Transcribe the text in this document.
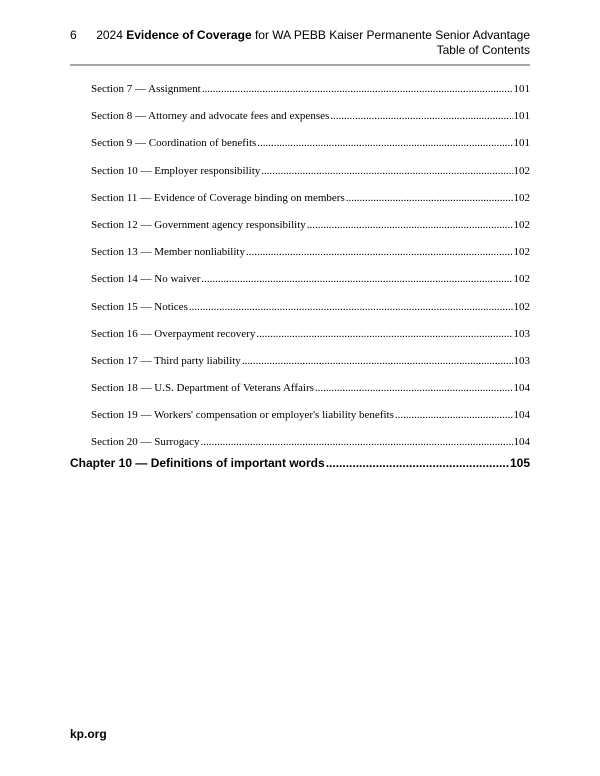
6 2024 Evidence of Coverage for WA PEBB Kaiser Permanente Senior Advantage
Table of Contents
Section 7 — Assignment .....	101
Section 8 — Attorney and advocate fees and expenses .....	101
Section 9 — Coordination of benefits .....	101
Section 10 — Employer responsibility .....	102
Section 11 — Evidence of Coverage binding on members .....	102
Section 12 — Government agency responsibility .....	102
Section 13 — Member nonliability .....	102
Section 14 — No waiver .....	102
Section 15 — Notices .....	102
Section 16 — Overpayment recovery .....	103
Section 17 — Third party liability .....	103
Section 18 — U.S. Department of Veterans Affairs .....	104
Section 19 — Workers' compensation or employer's liability benefits .....	104
Section 20 — Surrogacy .....	104
Chapter 10 — Definitions of important words .....	105
kp.org
